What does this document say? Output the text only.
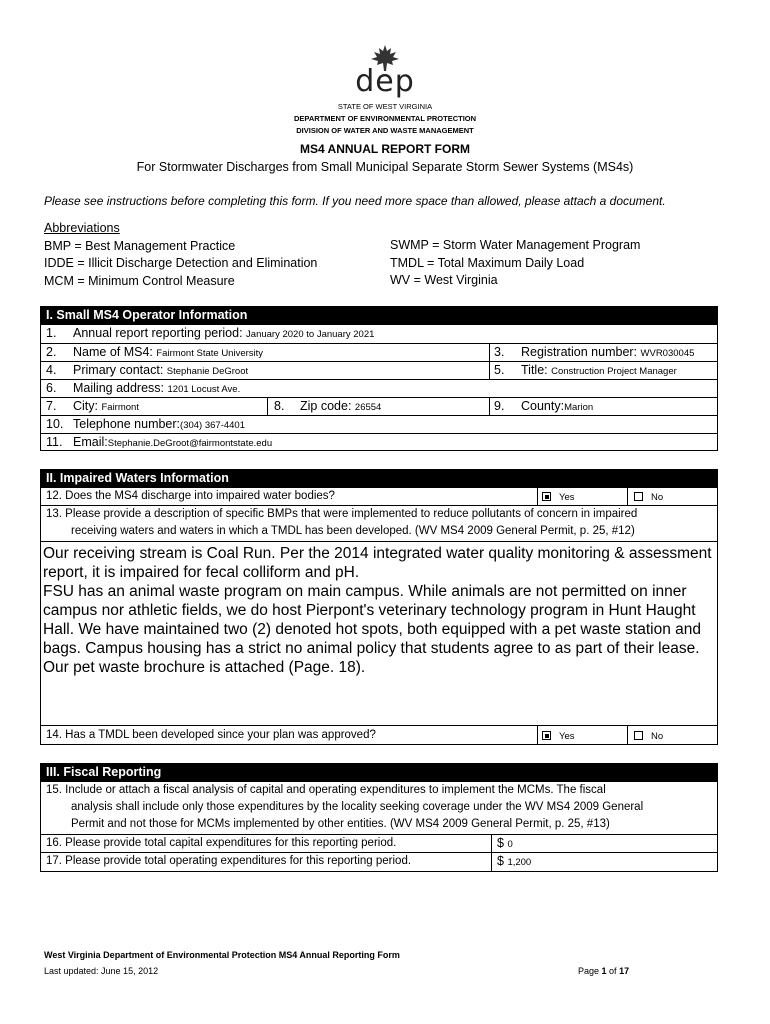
dep
STATE OF WEST VIRGINIA
DEPARTMENT OF ENVIRONMENTAL PROTECTION
DIVISION OF WATER AND WASTE MANAGEMENT
MS4 ANNUAL REPORT FORM
For Stormwater Discharges from Small Municipal Separate Storm Sewer Systems (MS4s)
Please see instructions before completing this form. If you need more space than allowed, please attach a document.
Abbreviations
BMP = Best Management Practice
IDDE = Illicit Discharge Detection and Elimination
MCM = Minimum Control Measure
SWMP = Storm Water Management Program
TMDL = Total Maximum Daily Load
WV = West Virginia
I. Small MS4 Operator Information
1. Annual report reporting period: January 2020 to January 2021
2. Name of MS4: Fairmont State University	3. Registration number: WVR030045
4. Primary contact: Stephanie DeGroot	5. Title: Construction Project Manager
6. Mailing address: 1201 Locust Ave.
7. City: Fairmont	8. Zip code: 26554	9. County:Marion
10. Telephone number:(304) 367-4401
11. Email:Stephanie.DeGroot@fairmontstate.edu
II. Impaired Waters Information
12. Does the MS4 discharge into impaired water bodies?	Yes	No
13. Please provide a description of specific BMPs that were implemented to reduce pollutants of concern in impaired
receiving waters and waters in which a TMDL has been developed. (WV MS4 2009 General Permit, p. 25, #12)
Our receiving stream is Coal Run. Per the 2014 integrated water quality monitoring & assessment report, it is impaired for fecal colliform and pH.
FSU has an animal waste program on main campus. While animals are not permitted on inner campus nor athletic fields, we do host Pierpont's veterinary technology program in Hunt Haught Hall. We have maintained two (2) denoted hot spots, both equipped with a pet waste station and bags. Campus housing has a strict no animal policy that students agree to as part of their lease. Our pet waste brochure is attached (Page. 18).
14. Has a TMDL been developed since your plan was approved?	Yes	No
III. Fiscal Reporting
15. Include or attach a fiscal analysis of capital and operating expenditures to implement the MCMs. The fiscal
analysis shall include only those expenditures by the locality seeking coverage under the WV MS4 2009 General
Permit and not those for MCMs implemented by other entities. (WV MS4 2009 General Permit, p. 25, #13)
16. Please provide total capital expenditures for this reporting period.	$ 0
17. Please provide total operating expenditures for this reporting period.	$ 1,200
West Virginia Department of Environmental Protection MS4 Annual Reporting Form
Last updated: June 15, 2012	Page 1 of 17
